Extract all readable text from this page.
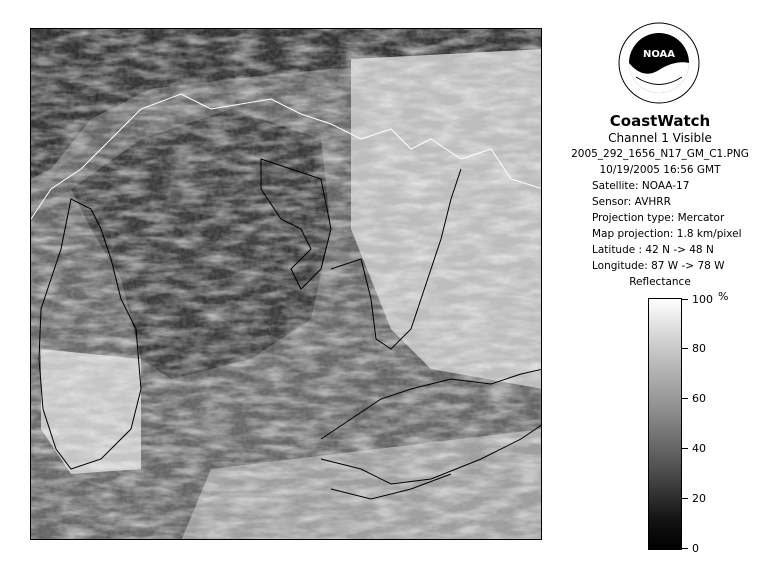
NOAA
CoastWatch
Channel 1 Visible
2005_292_1656_N17_GM_C1.PNG
10/19/2005 16:56 GMT
Satellite: NOAA-17
Sensor: AVHRR
Projection type: Mercator
Map projection: 1.8 km/pixel
Latitude : 42 N -> 48 N
Longitude: 87 W -> 78 W
Reflectance
%
100
80
60
40
20
0
